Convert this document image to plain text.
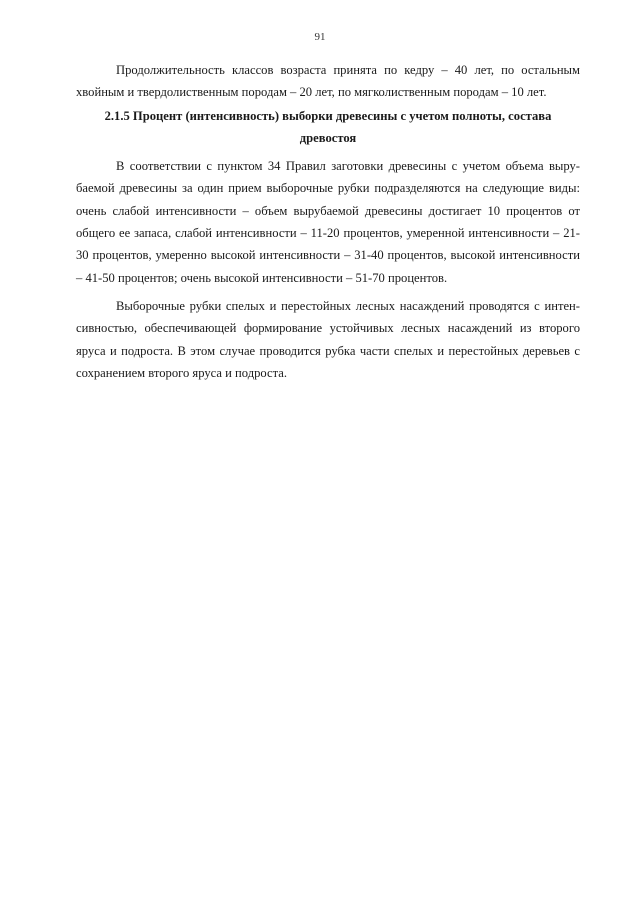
91

Продолжительность классов возраста принята по кедру – 40 лет, по остальным хвойным и твердолиственным породам – 20 лет, по мягколиственным породам – 10 лет.

2.1.5 Процент (интенсивность) выборки древесины с учетом полноты, состава древостоя

В соответствии с пунктом 34 Правил заготовки древесины с учетом объема вырубаемой древесины за один прием выборочные рубки подразделяются на следующие виды: очень слабой интенсивности – объем вырубаемой древесины достигает 10 процентов от общего ее запаса, слабой интенсивности – 11-20 процентов, умеренной интенсивности – 21-30 процентов, умеренно высокой интенсивности – 31-40 процентов, высокой интенсивности – 41-50 процентов; очень высокой интенсивности – 51-70 процентов.

Выборочные рубки спелых и перестойных лесных насаждений проводятся с интенсивностью, обеспечивающей формирование устойчивых лесных насаждений из второго яруса и подроста. В этом случае проводится рубка части спелых и перестойных деревьев с сохранением второго яруса и подроста.
